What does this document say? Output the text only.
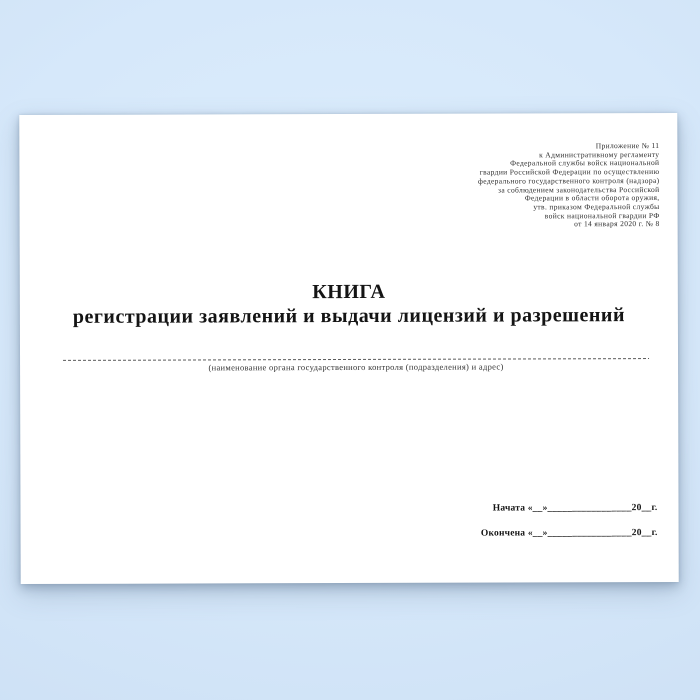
Приложение № 11
к Административному регламенту
Федеральной службы войск национальной
гвардии Российской Федерации по осуществлению
федерального государственного контроля (надзора)
за соблюдением законодательства Российской
Федерации в области оборота оружия,
утв. приказом Федеральной службы
войск национальной гвардии РФ
от 14 января 2020 г. № 8
КНИГА
регистрации заявлений и выдачи лицензий и разрешений
(наименование органа государственного контроля (подразделения) и адрес)
Начата «__»_________________20__г.
Окончена «__»_________________20__г.
